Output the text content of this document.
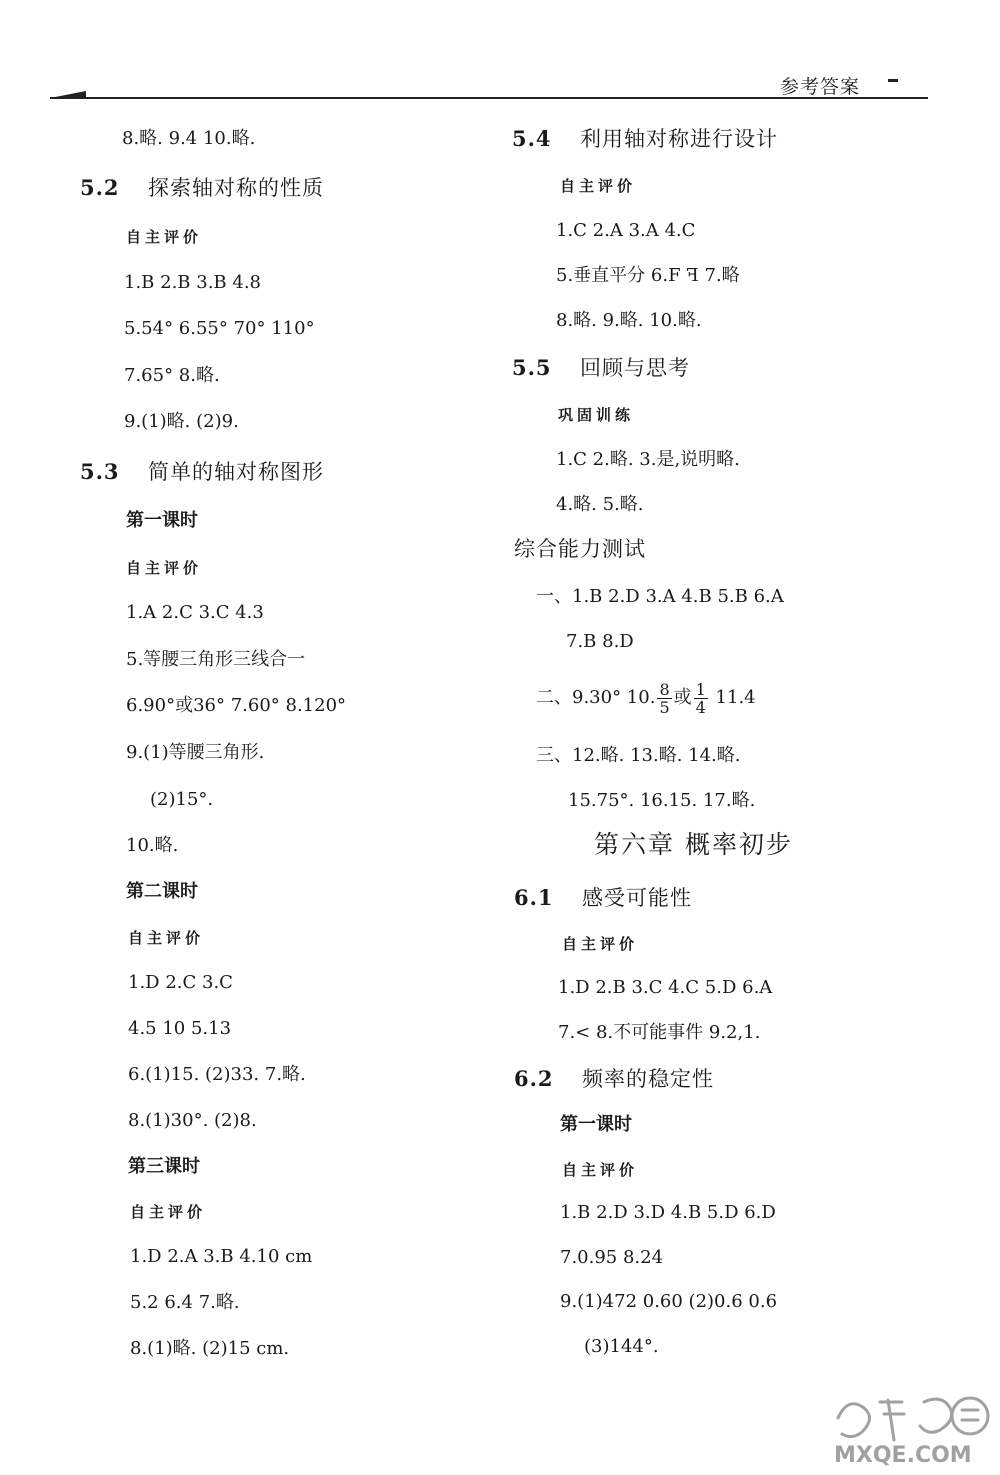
参考答案
8.略. 9.4 10.略.
5.2 探索轴对称的性质
自主评价
1.B 2.B 3.B 4.8
5.54° 6.55° 70° 110°
7.65° 8.略.
9.(1)略. (2)9.
5.3 简单的轴对称图形
第一课时
自主评价
1.A 2.C 3.C 4.3
5.等腰三角形三线合一
6.90°或36° 7.60° 8.120°
9.(1)等腰三角形.
(2)15°.
10.略.
第二课时
自主评价
1.D 2.C 3.C
4.5 10 5.13
6.(1)15. (2)33. 7.略.
8.(1)30°. (2)8.
第三课时
自主评价
1.D 2.A 3.B 4.10 cm
5.2 6.4 7.略.
8.(1)略. (2)15 cm.
5.4 利用轴对称进行设计
自主评价
1.C 2.A 3.A 4.C
5.垂直平分 6.F ꟻ 7.略
8.略. 9.略. 10.略.
5.5 回顾与思考
巩固训练
1.C 2.略. 3.是,说明略.
4.略. 5.略.
综合能力测试
一、1.B 2.D 3.A 4.B 5.B 6.A
7.B 8.D
二、9.30° 10. $\frac{8}{5}$ 或 $\frac{1}{4} 11.4$
三、12.略. 13.略. 14.略.
15.75°. 16.15. 17.略.
第六章 概率初步
6.1 感受可能性
自主评价
1.D 2.B 3.C 4.C 5.D 6.A
7.< 8.不可能事件 9.2,1.
6.2 频率的稳定性
第一课时
自主评价
1.B 2.D 3.D 4.B 5.D 6.D
7.0.95 8.24
9.(1)472 0.60 (2)0.6 0.6
(3)144°.
MXQE.COM
